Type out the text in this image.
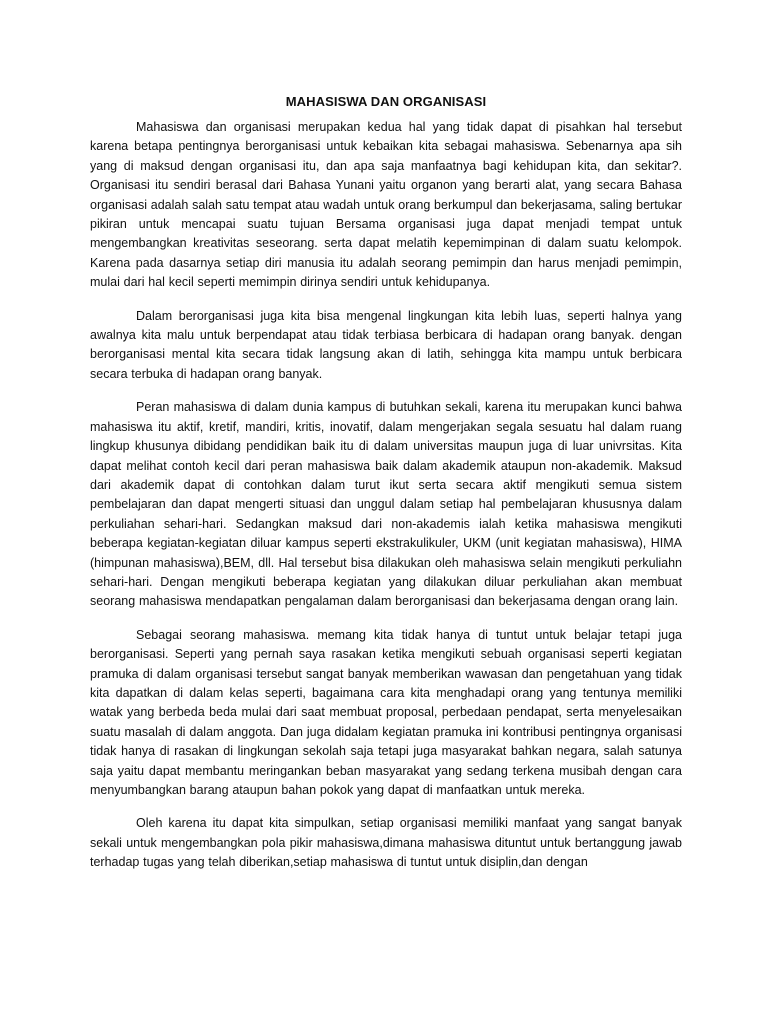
MAHASISWA DAN ORGANISASI

Mahasiswa dan organisasi merupakan kedua hal yang tidak dapat di pisahkan hal tersebut karena betapa pentingnya berorganisasi untuk kebaikan kita sebagai mahasiswa. Sebenarnya apa sih yang di maksud dengan organisasi itu, dan apa saja manfaatnya bagi kehidupan kita, dan sekitar?. Organisasi itu sendiri berasal dari Bahasa Yunani yaitu organon yang berarti alat, yang secara Bahasa organisasi adalah salah satu tempat atau wadah untuk orang berkumpul dan bekerjasama, saling bertukar pikiran untuk mencapai suatu tujuan Bersama organisasi juga dapat menjadi tempat untuk mengembangkan kreativitas seseorang. serta dapat melatih kepemimpinan di dalam suatu kelompok. Karena pada dasarnya setiap diri manusia itu adalah seorang pemimpin dan harus menjadi pemimpin, mulai dari hal kecil seperti memimpin dirinya sendiri untuk kehidupanya.

Dalam berorganisasi juga kita bisa mengenal lingkungan kita lebih luas, seperti halnya yang awalnya kita malu untuk berpendapat atau tidak terbiasa berbicara di hadapan orang banyak. dengan berorganisasi mental kita secara tidak langsung akan di latih, sehingga kita mampu untuk berbicara secara terbuka di hadapan orang banyak.

Peran mahasiswa di dalam dunia kampus di butuhkan sekali, karena itu merupakan kunci bahwa mahasiswa itu aktif, kretif, mandiri, kritis, inovatif, dalam mengerjakan segala sesuatu hal dalam ruang lingkup khusunya dibidang pendidikan baik itu di dalam universitas maupun juga di luar univrsitas. Kita dapat melihat contoh kecil dari peran mahasiswa baik dalam akademik ataupun non-akademik. Maksud dari akademik dapat di contohkan dalam turut ikut serta secara aktif mengikuti semua sistem pembelajaran dan dapat mengerti situasi dan unggul dalam setiap hal pembelajaran khususnya dalam perkuliahan sehari-hari. Sedangkan maksud dari non-akademis ialah ketika mahasiswa mengikuti beberapa kegiatan-kegiatan diluar kampus seperti ekstrakulikuler, UKM (unit kegiatan mahasiswa), HIMA (himpunan mahasiswa),BEM, dll. Hal tersebut bisa dilakukan oleh mahasiswa selain mengikuti perkuliahn sehari-hari. Dengan mengikuti beberapa kegiatan yang dilakukan diluar perkuliahan akan membuat seorang mahasiswa mendapatkan pengalaman dalam berorganisasi dan bekerjasama dengan orang lain.

Sebagai seorang mahasiswa. memang kita tidak hanya di tuntut untuk belajar tetapi juga berorganisasi. Seperti yang pernah saya rasakan ketika mengikuti sebuah organisasi seperti kegiatan pramuka di dalam organisasi tersebut sangat banyak memberikan wawasan dan pengetahuan yang tidak kita dapatkan di dalam kelas seperti, bagaimana cara kita menghadapi orang yang tentunya memiliki watak yang berbeda beda mulai dari saat membuat proposal, perbedaan pendapat, serta menyelesaikan suatu masalah di dalam anggota. Dan juga didalam kegiatan pramuka ini kontribusi pentingnya organisasi tidak hanya di rasakan di lingkungan sekolah saja tetapi juga masyarakat bahkan negara, salah satunya saja yaitu dapat membantu meringankan beban masyarakat yang sedang terkena musibah dengan cara menyumbangkan barang ataupun bahan pokok yang dapat di manfaatkan untuk mereka.

Oleh karena itu dapat kita simpulkan, setiap organisasi memiliki manfaat yang sangat banyak sekali untuk mengembangkan pola pikir mahasiswa,dimana mahasiswa dituntut untuk bertanggung jawab terhadap tugas yang telah diberikan,setiap mahasiswa di tuntut untuk disiplin,dan dengan
